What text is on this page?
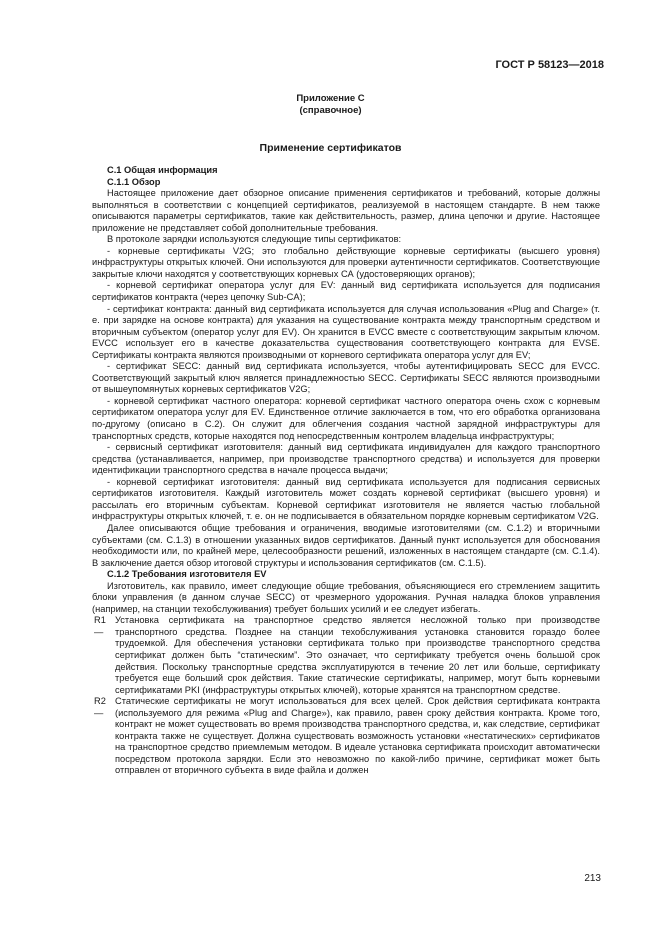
ГОСТ Р 58123—2018
Приложение С
(справочное)
Применение сертификатов

С.1 Общая информация

С.1.1 Обзор

Настоящее приложение дает обзорное описание применения сертификатов и требований, которые должны выполняться в соответствии с концепцией сертификатов, реализуемой в настоящем стандарте. В нем также описываются параметры сертификатов, такие как действительность, размер, длина цепочки и другие. Настоящее приложение не представляет собой дополнительные требования.

В протоколе зарядки используются следующие типы сертификатов:

- корневые сертификаты V2G; это глобально действующие корневые сертификаты (высшего уровня) инфраструктуры открытых ключей. Они используются для проверки аутентичности сертификатов. Соответствующие закрытые ключи находятся у соответствующих корневых СА (удостоверяющих органов);

- корневой сертификат оператора услуг для EV: данный вид сертификата используется для подписания сертификатов контракта (через цепочку Sub-CA);

- сертификат контракта: данный вид сертификата используется для случая использования «Plug and Charge» (т. е. при зарядке на основе контракта) для указания на существование контракта между транспортным средством и вторичным субъектом (оператор услуг для EV). Он хранится в EVCC вместе с соответствующим закрытым ключом. EVCC использует его в качестве доказательства существования соответствующего контракта для EVSE. Сертификаты контракта являются производными от корневого сертификата оператора услуг для EV;

- сертификат SECC: данный вид сертификата используется, чтобы аутентифицировать SECC для EVCC. Соответствующий закрытый ключ является принадлежностью SECC. Сертификаты SECC являются производными от вышеупомянутых корневых сертификатов V2G;

- корневой сертификат частного оператора: корневой сертификат частного оператора очень схож с корневым сертификатом оператора услуг для EV. Единственное отличие заключается в том, что его обработка организована по-другому (описано в С.2). Он служит для облегчения создания частной зарядной инфраструктуры для транспортных средств, которые находятся под непосредственным контролем владельца инфраструктуры;

- сервисный сертификат изготовителя: данный вид сертификата индивидуален для каждого транспортного средства (устанавливается, например, при производстве транспортного средства) и используется для проверки идентификации транспортного средства в начале процесса выдачи;

- корневой сертификат изготовителя: данный вид сертификата используется для подписания сервисных сертификатов изготовителя. Каждый изготовитель может создать корневой сертификат (высшего уровня) и рассылать его вторичным субъектам. Корневой сертификат изготовителя не является частью глобальной инфраструктуры открытых ключей, т. е. он не подписывается в обязательном порядке корневым сертификатом V2G.

Далее описываются общие требования и ограничения, вводимые изготовителями (см. С.1.2) и вторичными субъектами (см. С.1.3) в отношении указанных видов сертификатов. Данный пункт используется для обоснования необходимости или, по крайней мере, целесообразности решений, изложенных в настоящем стандарте (см. С.1.4). В заключение дается обзор итоговой структуры и использования сертификатов (см. С.1.5).

С.1.2 Требования изготовителя EV

Изготовитель, как правило, имеет следующие общие требования, объясняющиеся его стремлением защитить блоки управления (в данном случае SECC) от чрезмерного удорожания. Ручная наладка блоков управления (например, на станции техобслуживания) требует больших усилий и ее следует избегать.

R1 —
Установка сертификата на транспортное средство является несложной только при производстве транспортного средства. Позднее на станции техобслуживания установка становится гораздо более трудоемкой. Для обеспечения установки сертификата только при производстве транспортного средства сертификат должен быть “статическим”. Это означает, что сертификату требуется очень большой срок действия. Поскольку транспортные средства эксплуатируются в течение 20 лет или больше, сертификату требуется еще больший срок действия. Такие статические сертификаты, например, могут быть корневыми сертификатами PKI (инфраструктуры открытых ключей), которые хранятся на транспортном средстве.
R2 —
Статические сертификаты не могут использоваться для всех целей. Срок действия сертификата контракта (используемого для режима «Plug and Charge»), как правило, равен сроку действия контракта. Кроме того, контракт не может существовать во время производства транспортного средства, и, как следствие, сертификат контракта также не существует. Должна существовать возможность установки «нестатических» сертификатов на транспортное средство приемлемым методом. В идеале установка сертификата происходит автоматически посредством протокола зарядки. Если это невозможно по какой-либо причине, сертификат может быть отправлен от вторичного субъекта в виде файла и должен
213
